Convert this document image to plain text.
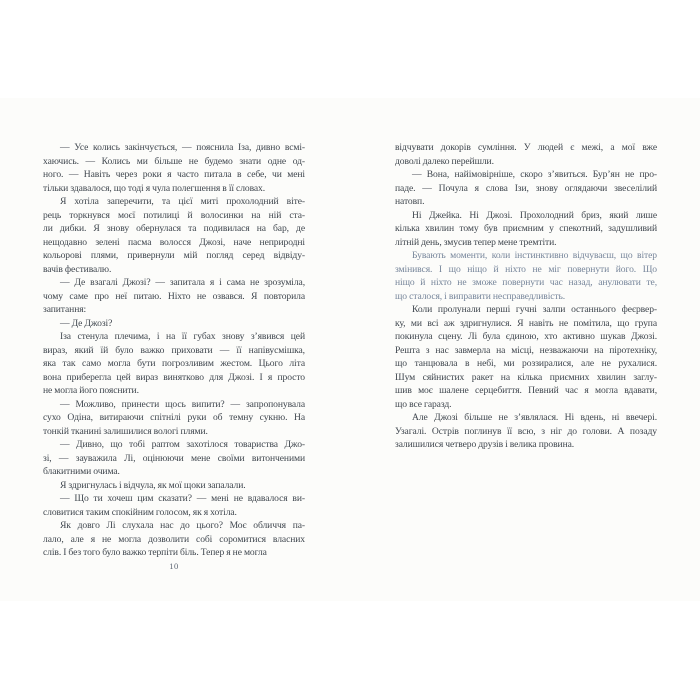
— Усе колись закінчується, — пояснила Іза, дивно всмі-
хаючись. — Колись ми більше не будемо знати одне од-
ного. — Навіть через роки я часто питала в себе, чи мені
тільки здавалося, що тоді я чула полегшення в її словах.
Я хотіла заперечити, та цієї миті прохолодний віте-
рець торкнувся моєї потилиці й волосинки на ній ста-
ли дибки. Я знову обернулася та подивилася на бар, де
нещодавно зелені пасма волосся Джозі, наче неприродні
кольорові плями, привернули мій погляд серед відвіду-
вачів фестивалю.
— Де взагалі Джозі? — запитала я і сама не зрозуміла,
чому саме про неї питаю. Ніхто не озвався. Я повторила
запитання:
— Де Джозі?
Іза стенула плечима, і на її губах знову з’явився цей
вираз, який їй було важко приховати — її напівусмішка,
яка так само могла бути погрозливим жестом. Цього літа
вона приберегла цей вираз винятково для Джозі. І я просто
не могла його пояснити.
— Можливо, принести щось випити? — запропонувала
сухо Одіна, витираючи спітнілі руки об темну сукню. На
тонкій тканині залишилися вологі плями.
— Дивно, що тобі раптом захотілося товариства Джо-
зі, — зауважила Лі, оцінюючи мене своїми витонченими
блакитними очима.
Я здригнулась і відчула, як мої щоки запалали.
— Що ти хочеш цим сказати? — мені не вдавалося ви-
словитися таким спокійним голосом, як я хотіла.
Як довго Лі слухала нас до цього? Моє обличчя па-
лало, але я не могла дозволити собі соромитися власних
слів. І без того було важко терпіти біль. Тепер я не могла
відчувати докорів сумління. У людей є межі, а мої вже
доволі далеко перейшли.
— Вона, найімовірніше, скоро з’явиться. Бур’ян не про-
паде. — Почула я слова Ізи, знову оглядаючи звеселілий
натовп.
Ні Джейка. Ні Джозі. Прохолодний бриз, який лише
кілька хвилин тому був приємним у спекотний, задушливий
літній день, змусив тепер мене тремтіти.
Бувають моменти, коли інстинктивно відчуваєш, що вітер
змінився. І що ніщо й ніхто не міг повернути його. Що
ніщо й ніхто не зможе повернути час назад, анулювати те,
що сталося, і виправити несправедливість.
Коли пролунали перші гучні залпи останнього феєрвер-
ку, ми всі аж здригнулися. Я навіть не помітила, що група
покинула сцену. Лі була єдиною, хто активно шукав Джозі.
Решта з нас завмерла на місці, незважаючи на піротехніку,
що танцювала в небі, ми роззиралися, але не рухалися.
Шум сяйнистих ракет на кілька приємних хвилин заглу-
шив моє шалене серцебиття. Певний час я могла вдавати,
що все гаразд.
Але Джозі більше не з’являлася. Ні вдень, ні ввечері.
Узагалі. Острів поглинув її всю, з ніг до голови. А позаду
залишилися четверо друзів і велика провина.
10
